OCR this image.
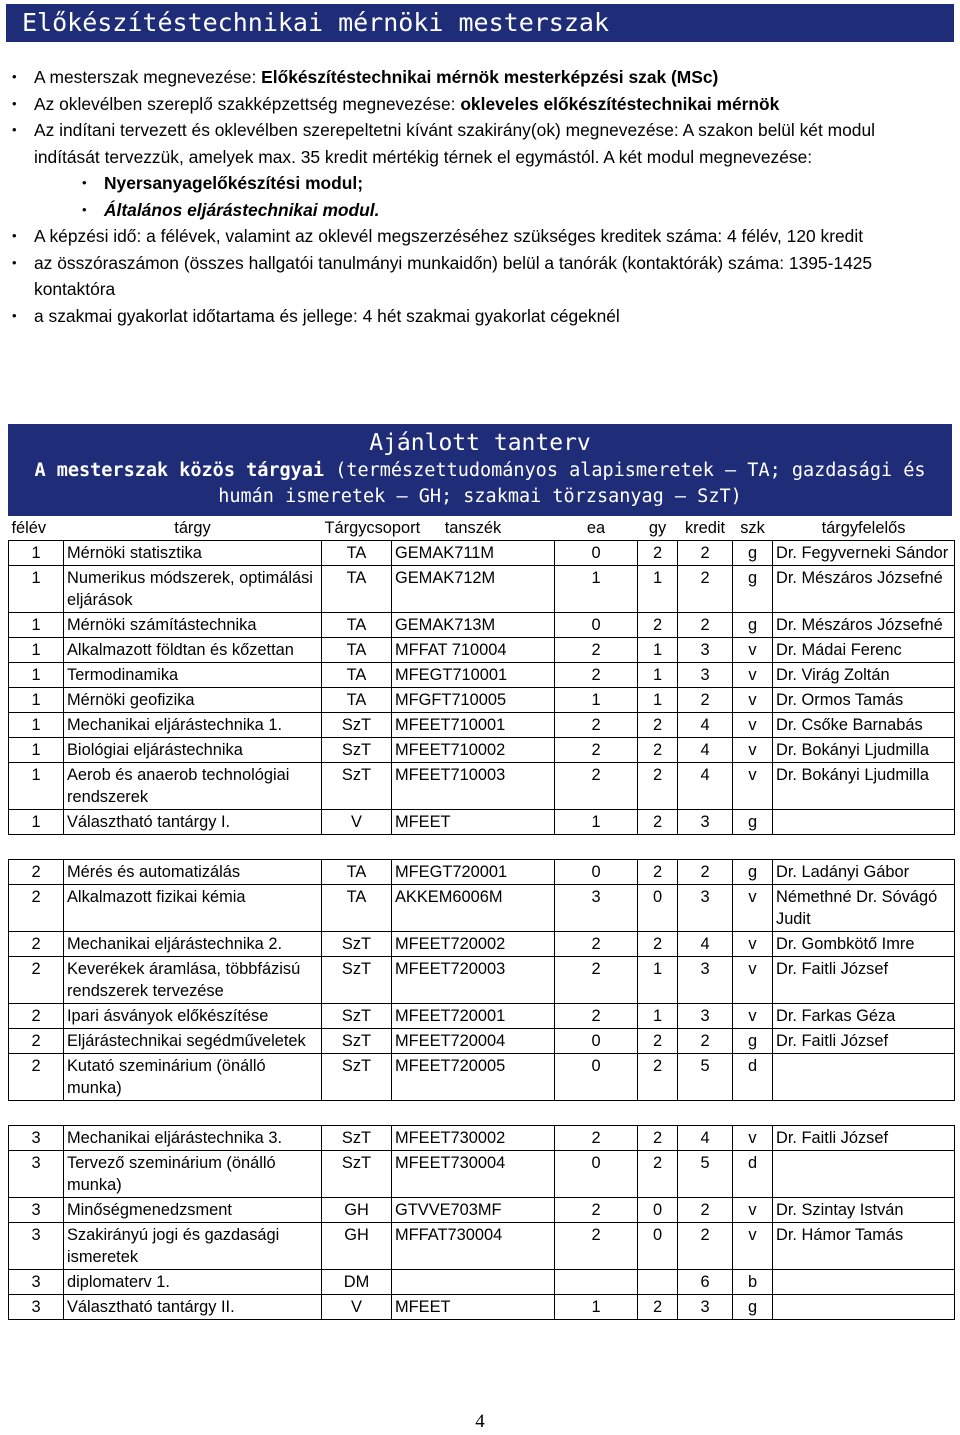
Előkészítéstechnikai mérnöki mesterszak
• A mesterszak megnevezése: Előkészítéstechnikai mérnök mesterképzési szak (MSc)
• Az oklevélben szereplő szakképzettség megnevezése: okleveles előkészítéstechnikai mérnök
• Az indítani tervezett és oklevélben szerepeltetni kívánt szakirány(ok) megnevezése: A szakon belül két modul indítását tervezzük, amelyek max. 35 kredit mértékig térnek el egymástól. A két modul megnevezése:
• Nyersanyagelőkészítési modul;
• Általános eljárástechnikai modul.
• A képzési idő: a félévek, valamint az oklevél megszerzéséhez szükséges kreditek száma: 4 félév, 120 kredit
• az összóraszámon (összes hallgatói tanulmányi munkaidőn) belül a tanórák (kontaktórák) száma: 1395-1425 kontaktóra
• a szakmai gyakorlat időtartama és jellege: 4 hét szakmai gyakorlat cégeknél
Ajánlott tanterv
A mesterszak közös tárgyai (természettudományos alapismeretek – TA; gazdasági és humán ismeretek – GH; szakmai törzsanyag – SzT)
félév	tárgy	Tárgycsoport	tanszék	ea	gy	kredit	szk	tárgyfelelős
1	Mérnöki statisztika	TA	GEMAK711M	0	2	2	g	Dr. Fegyverneki Sándor
1	Numerikus módszerek, optimálási eljárások	TA	GEMAK712M	1	1	2	g	Dr. Mészáros Józsefné
1	Mérnöki számítástechnika	TA	GEMAK713M	0	2	2	g	Dr. Mészáros Józsefné
1	Alkalmazott földtan és kőzettan	TA	MFFAT 710004	2	1	3	v	Dr. Mádai Ferenc
1	Termodinamika	TA	MFEGT710001	2	1	3	v	Dr. Virág Zoltán
1	Mérnöki geofizika	TA	MFGFT710005	1	1	2	v	Dr. Ormos Tamás
1	Mechanikai eljárástechnika 1.	SzT	MFEET710001	2	2	4	v	Dr. Csőke Barnabás
1	Biológiai eljárástechnika	SzT	MFEET710002	2	2	4	v	Dr. Bokányi Ljudmilla
1	Aerob és anaerob technológiai rendszerek	SzT	MFEET710003	2	2	4	v	Dr. Bokányi Ljudmilla
1	Választható tantárgy I.	V	MFEET	1	2	3	g	

2	Mérés és automatizálás	TA	MFEGT720001	0	2	2	g	Dr. Ladányi Gábor
2	Alkalmazott fizikai kémia	TA	AKKEM6006M	3	0	3	v	Némethné Dr. Sóvágó Judit
2	Mechanikai eljárástechnika 2.	SzT	MFEET720002	2	2	4	v	Dr. Gombkötő Imre
2	Keverékek áramlása, többfázisú rendszerek tervezése	SzT	MFEET720003	2	1	3	v	Dr. Faitli József
2	Ipari ásványok előkészítése	SzT	MFEET720001	2	1	3	v	Dr. Farkas Géza
2	Eljárástechnikai segédműveletek	SzT	MFEET720004	0	2	2	g	Dr. Faitli József
2	Kutató szeminárium (önálló munka)	SzT	MFEET720005	0	2	5	d	

3	Mechanikai eljárástechnika 3.	SzT	MFEET730002	2	2	4	v	Dr. Faitli József
3	Tervező szeminárium (önálló munka)	SzT	MFEET730004	0	2	5	d	
3	Minőségmenedzsment	GH	GTVVE703MF	2	0	2	v	Dr. Szintay István
3	Szakirányú jogi és gazdasági ismeretek	GH	MFFAT730004	2	0	2	v	Dr. Hámor Tamás
3	diplomaterv 1.	DM				6	b	
3	Választható tantárgy II.	V	MFEET	1	2	3	g	
4
